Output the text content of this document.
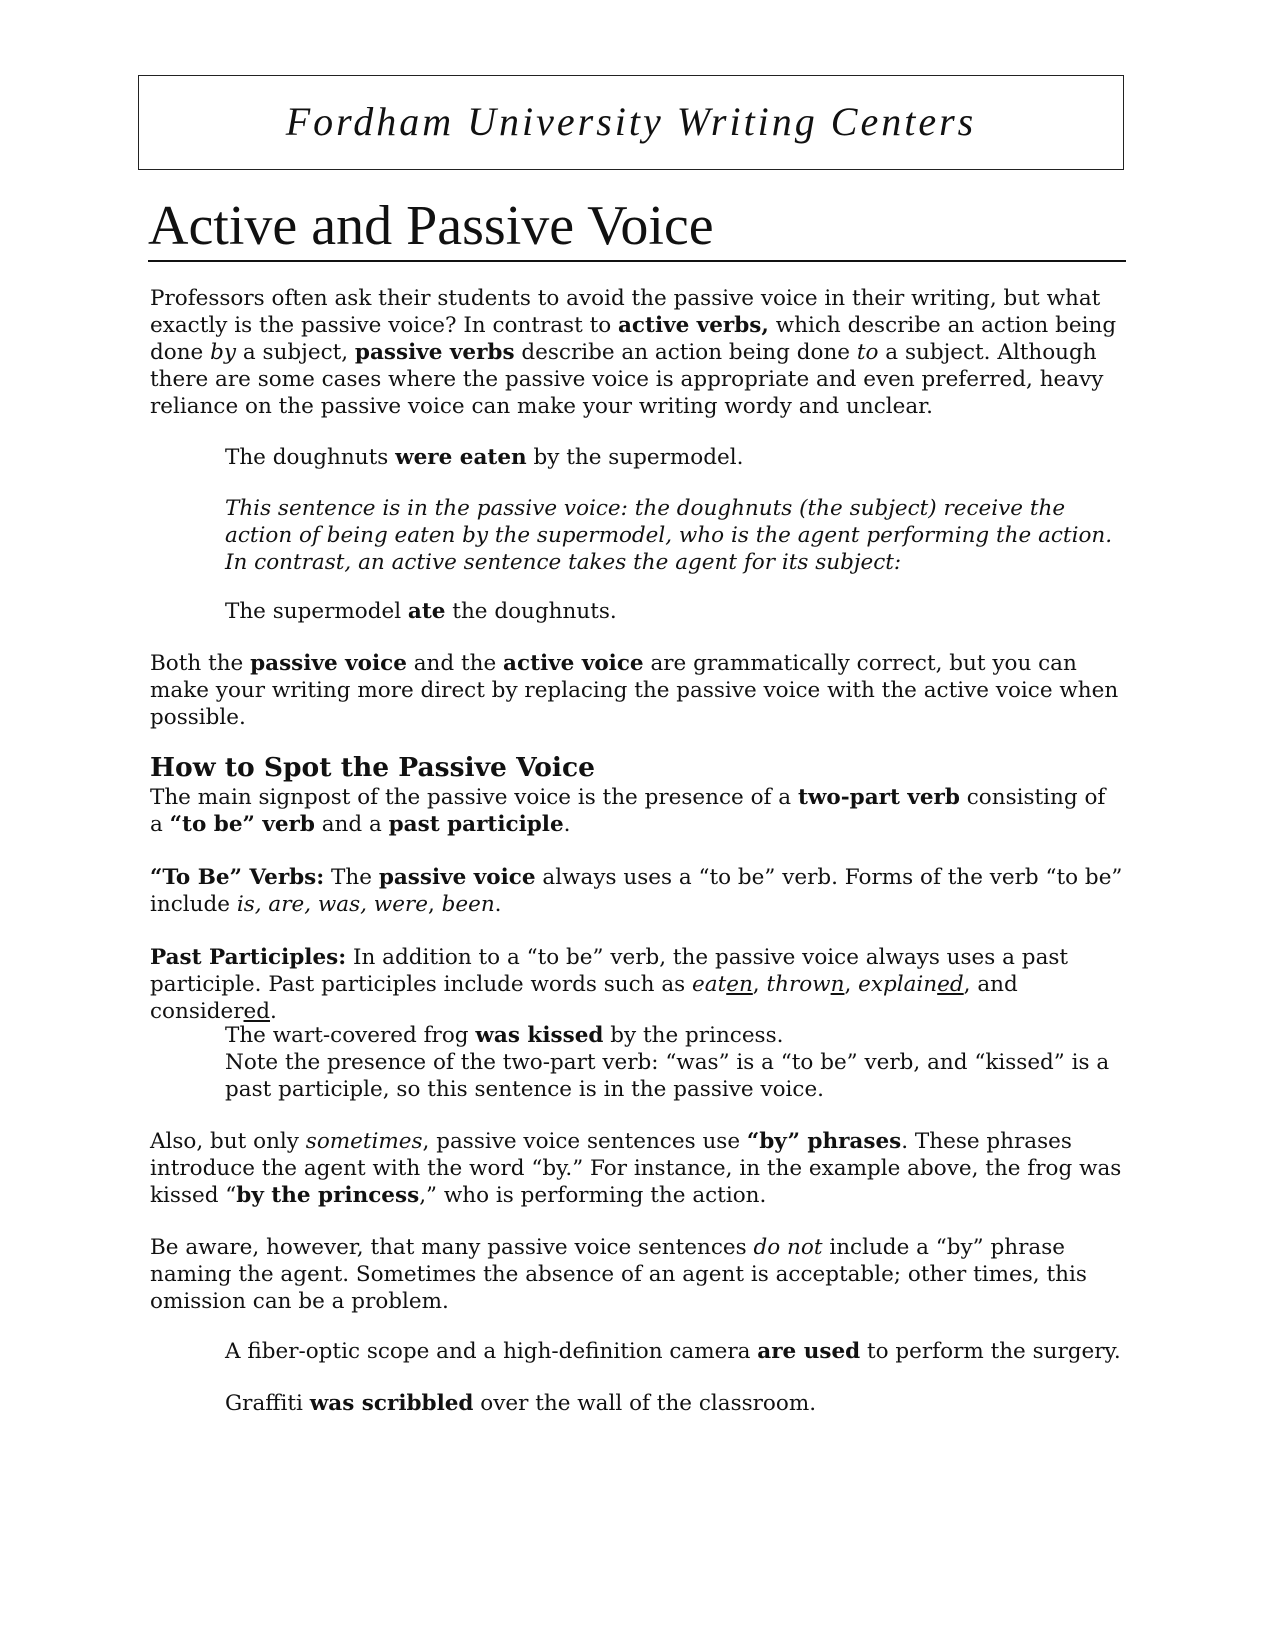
Fordham University Writing Centers
Active and Passive Voice

Professors often ask their students to avoid the passive voice in their writing, but what exactly is the passive voice? In contrast to active verbs, which describe an action being done by a subject, passive verbs describe an action being done to a subject. Although there are some cases where the passive voice is appropriate and even preferred, heavy reliance on the passive voice can make your writing wordy and unclear.

The doughnuts were eaten by the supermodel.

This sentence is in the passive voice: the doughnuts (the subject) receive the action of being eaten by the supermodel, who is the agent performing the action. In contrast, an active sentence takes the agent for its subject:

The supermodel ate the doughnuts.

Both the passive voice and the active voice are grammatically correct, but you can make your writing more direct by replacing the passive voice with the active voice when possible.

How to Spot the Passive Voice

The main signpost of the passive voice is the presence of a two-part verb consisting of a “to be” verb and a past participle.

“To Be” Verbs: The passive voice always uses a “to be” verb. Forms of the verb “to be” include is, are, was, were, been.

Past Participles: In addition to a “to be” verb, the passive voice always uses a past participle. Past participles include words such as eaten, thrown, explained, and considered.

The wart-covered frog was kissed by the princess.
Note the presence of the two-part verb: “was” is a “to be” verb, and “kissed” is a past participle, so this sentence is in the passive voice.

Also, but only sometimes, passive voice sentences use “by” phrases. These phrases introduce the agent with the word “by.” For instance, in the example above, the frog was kissed “by the princess,” who is performing the action.

Be aware, however, that many passive voice sentences do not include a “by” phrase naming the agent. Sometimes the absence of an agent is acceptable; other times, this omission can be a problem.

A fiber-optic scope and a high-definition camera are used to perform the surgery.

Graffiti was scribbled over the wall of the classroom.
